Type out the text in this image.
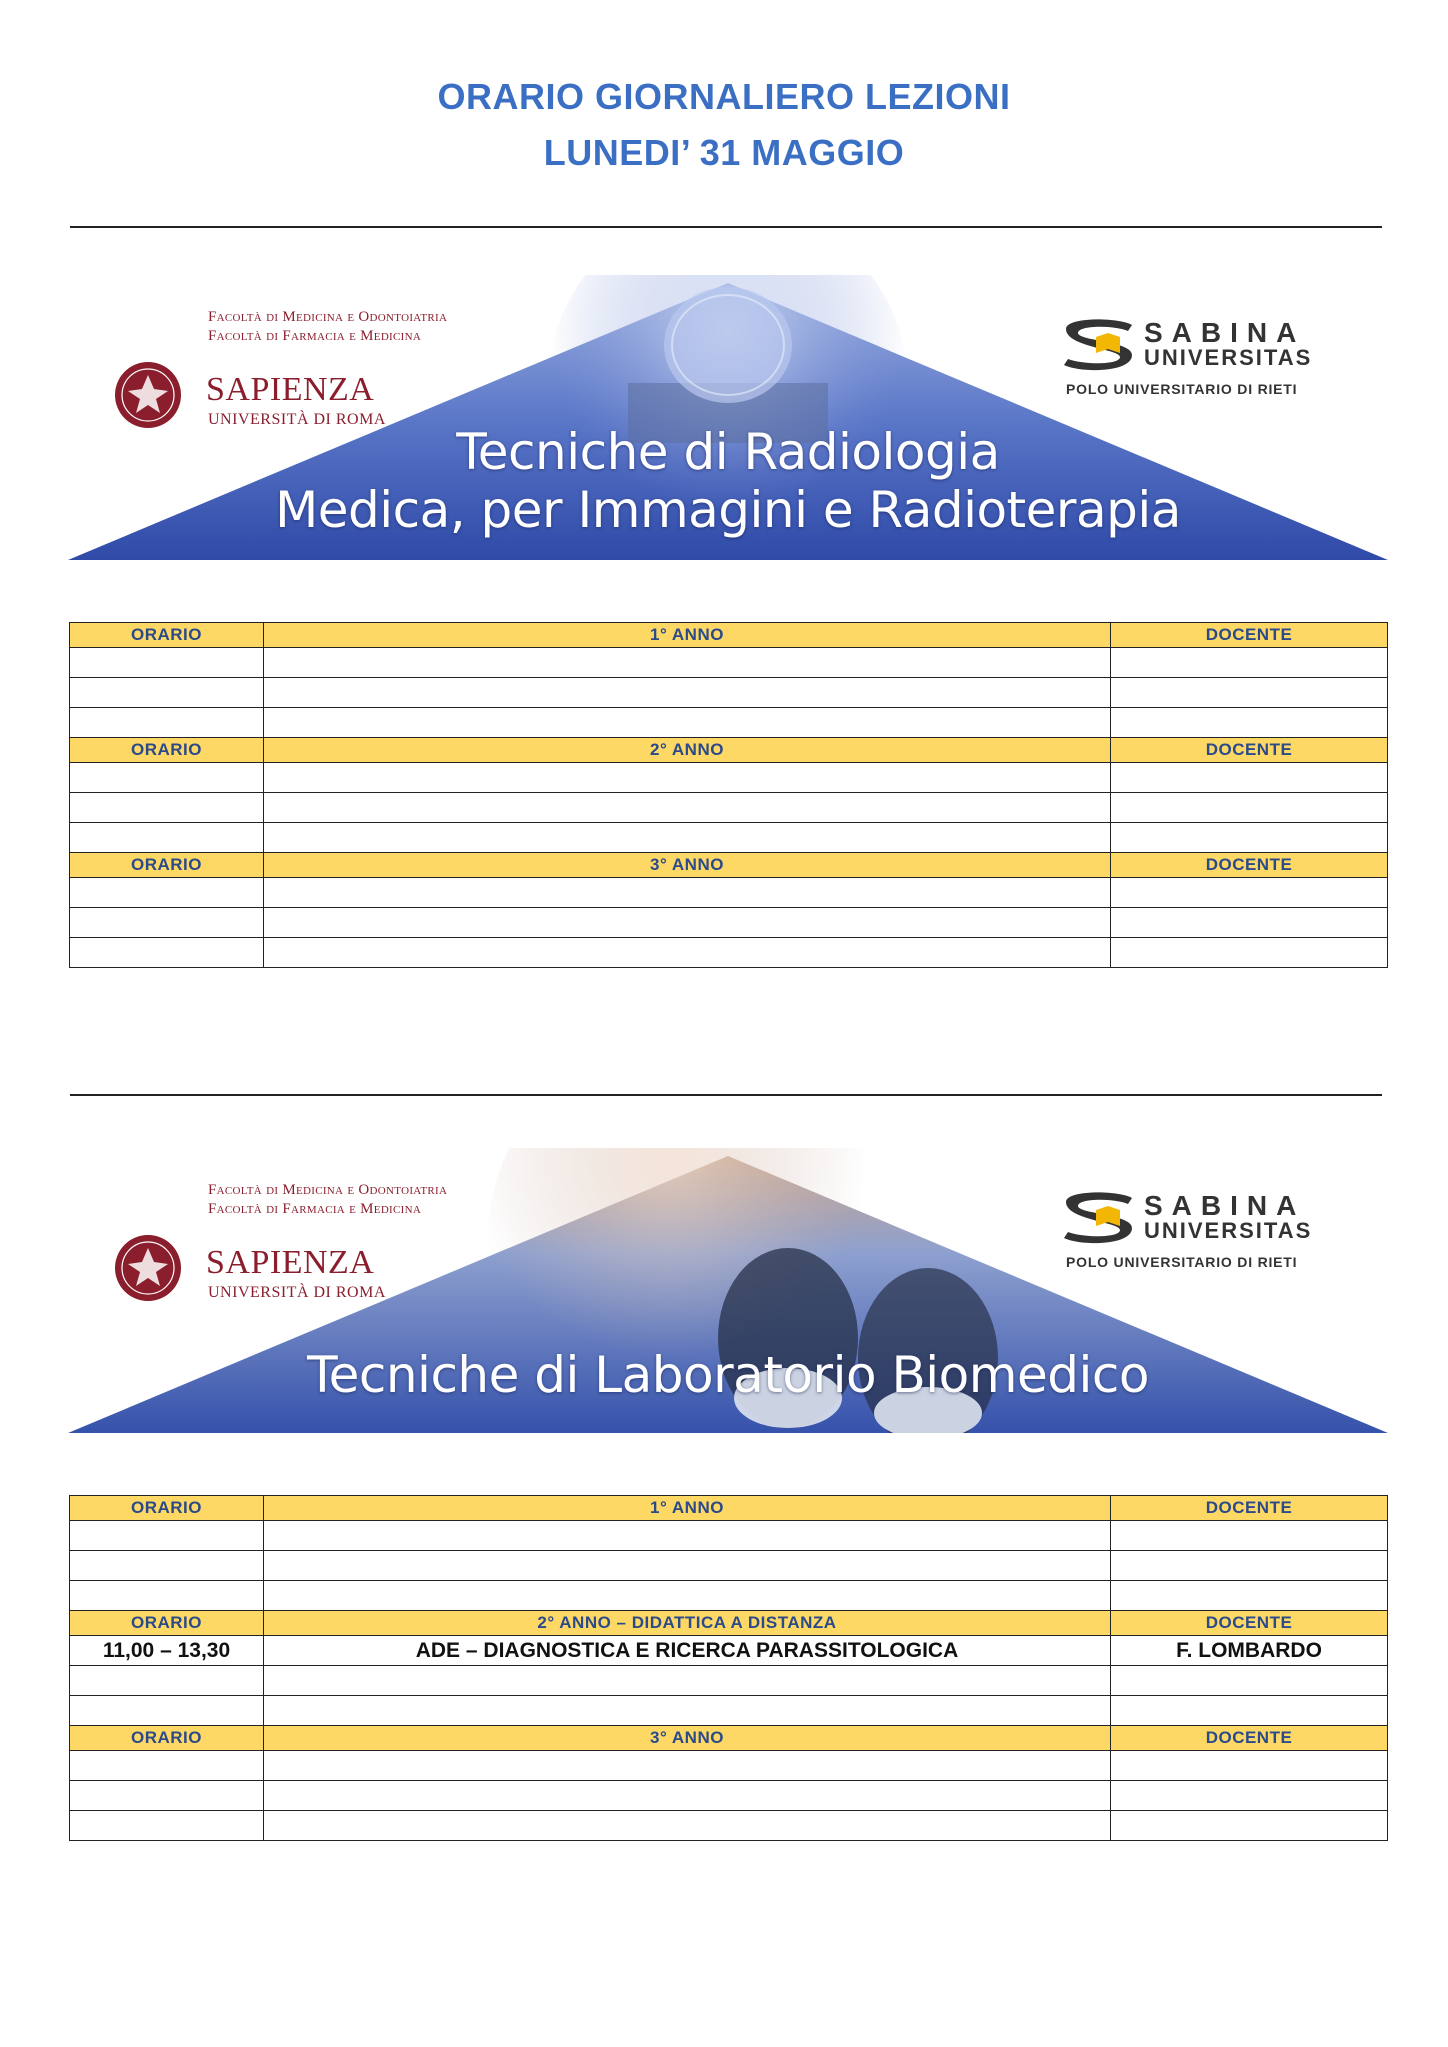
ORARIO GIORNALIERO LEZIONI
LUNEDI’ 31 MAGGIO
Facoltà di Medicina e Odontoiatria
Facoltà di Farmacia e Medicina
SAPIENZA
UNIVERSITÀ DI ROMA
SABINA
UNIVERSITAS
POLO UNIVERSITARIO DI RIETI
Tecniche di Radiologia
Medica, per Immagini e Radioterapia
ORARIO	1° ANNO	DOCENTE

ORARIO	2° ANNO	DOCENTE

ORARIO	3° ANNO	DOCENTE

Facoltà di Medicina e Odontoiatria
Facoltà di Farmacia e Medicina
SAPIENZA
UNIVERSITÀ DI ROMA
SABINA
UNIVERSITAS
POLO UNIVERSITARIO DI RIETI
Tecniche di Laboratorio Biomedico
ORARIO	1° ANNO	DOCENTE

ORARIO	2° ANNO – DIDATTICA A DISTANZA	DOCENTE
11,00 – 13,30	ADE – DIAGNOSTICA E RICERCA PARASSITOLOGICA	F. LOMBARDO

ORARIO	3° ANNO	DOCENTE
